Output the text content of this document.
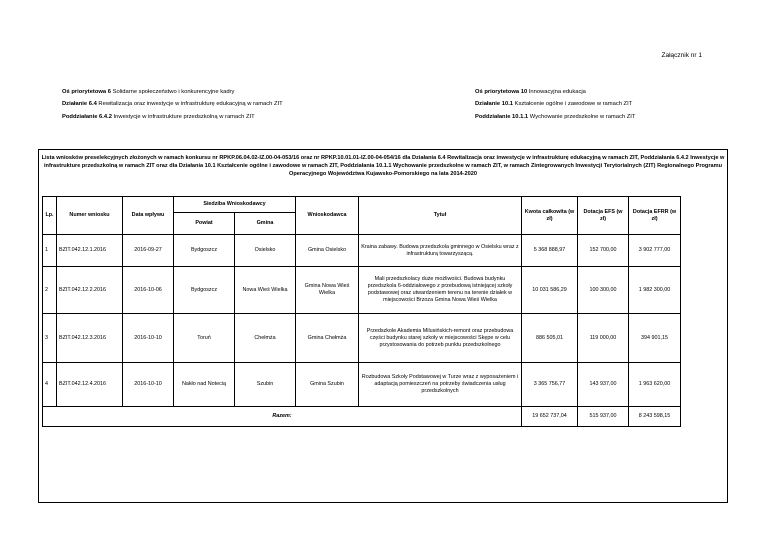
Załącznik nr 1
Oś priorytetowa 6 Solidarne społeczeństwo i konkurencyjne kadry
Działanie 6.4 Rewitalizacja oraz inwestycje w infrastrukturę edukacyjną w ramach ZIT
Poddziałanie 6.4.2 Inwestycje w infrastrukture przedszkolną w ramach ZIT
Oś priorytetowa 10 Innowacyjna edukacja
Działanie 10.1 Kształcenie ogólne i zawodowe w ramach ZIT
Poddziałanie 10.1.1 Wychowanie przedszkolne w ramach ZIT
Lista wniosków preselekcyjnych złożonych w ramach konkursu nr RPKP.06.04.02-IZ.00-04-053/16 oraz nr RPKP.10.01.01-IZ.00-04-054/16 dla Działania 6.4 Rewitalizacja oraz inwestycje w infrastrukturę edukacyjną w ramach ZIT, Poddziałania 6.4.2 Inwestycje w infrastrukture przedszkolną w ramach ZIT oraz dla Działania 10.1 Kształcenie ogólne i zawodowe w ramach ZIT, Poddziałania 10.1.1 Wychowanie przedszkolne w ramach ZIT, w ramach Zintegrowanych Inwestycji Terytorialnych (ZIT) Regionalnego Programu Operacyjnego Województwa Kujawsko-Pomorskiego na lata 2014-2020
Lp.	Numer wniosku	Data wpływu	Siedziba Wnioskodawcy		Wnioskodawca	Tytuł	Kwota całkowita (w zł)	Dotacja EFS (w zł)	Dotacja EFRR (w zł)
			Powiat	Gmina					
1	BZIT.042.12.1.2016	2016-09-27	Bydgoszcz	Osielsko	Gmina Osielsko	Kraina zabawy. Budowa przedszkola gminnego w Osielsku wraz z infrastrukturą towarzyszącą.	5 368 888,97	152 700,00	3 902 777,00
2	BZIT.042.12.2.2016	2016-10-06	Bydgoszcz	Nowa Wieś Wielka	Gmina Nowa Wieś Wielka	Mali przedszkolacy duże możliwości. Budowa budynku przedszkola 6-oddziałowego z przebudową istniejącej szkoły podstawowej oraz utwardzeniem terenu na terenie działek w miejscowości Brzoza Gmina Nowa Wieś Wielka	10 031 586,29	100 300,00	1 982 300,00
3	BZIT.042.12.3.2016	2016-10-10	Toruń	Chełmża	Gmina Chełmża	Przedszkole Akademia Milusińskich-remont oraz przebudowa części budynku starej szkoły w miejscowości Skępe w celu przystosowania do potrzeb punktu przedszkolnego	886 505,01	119 000,00	394 901,15
4	BZIT.042.12.4.2016	2016-10-10	Nakło nad Notecią	Szubin	Gmina Szubin	Rozbudowa Szkoły Podstawowej w Turze wraz z wyposażeniem i adaptacją pomieszczeń na potrzeby świadczenia usług przedszkolnych	3 365 756,77	143 937,00	1 963 620,00
Razem:							19 652 737,04	515 937,00	8 243 598,15
